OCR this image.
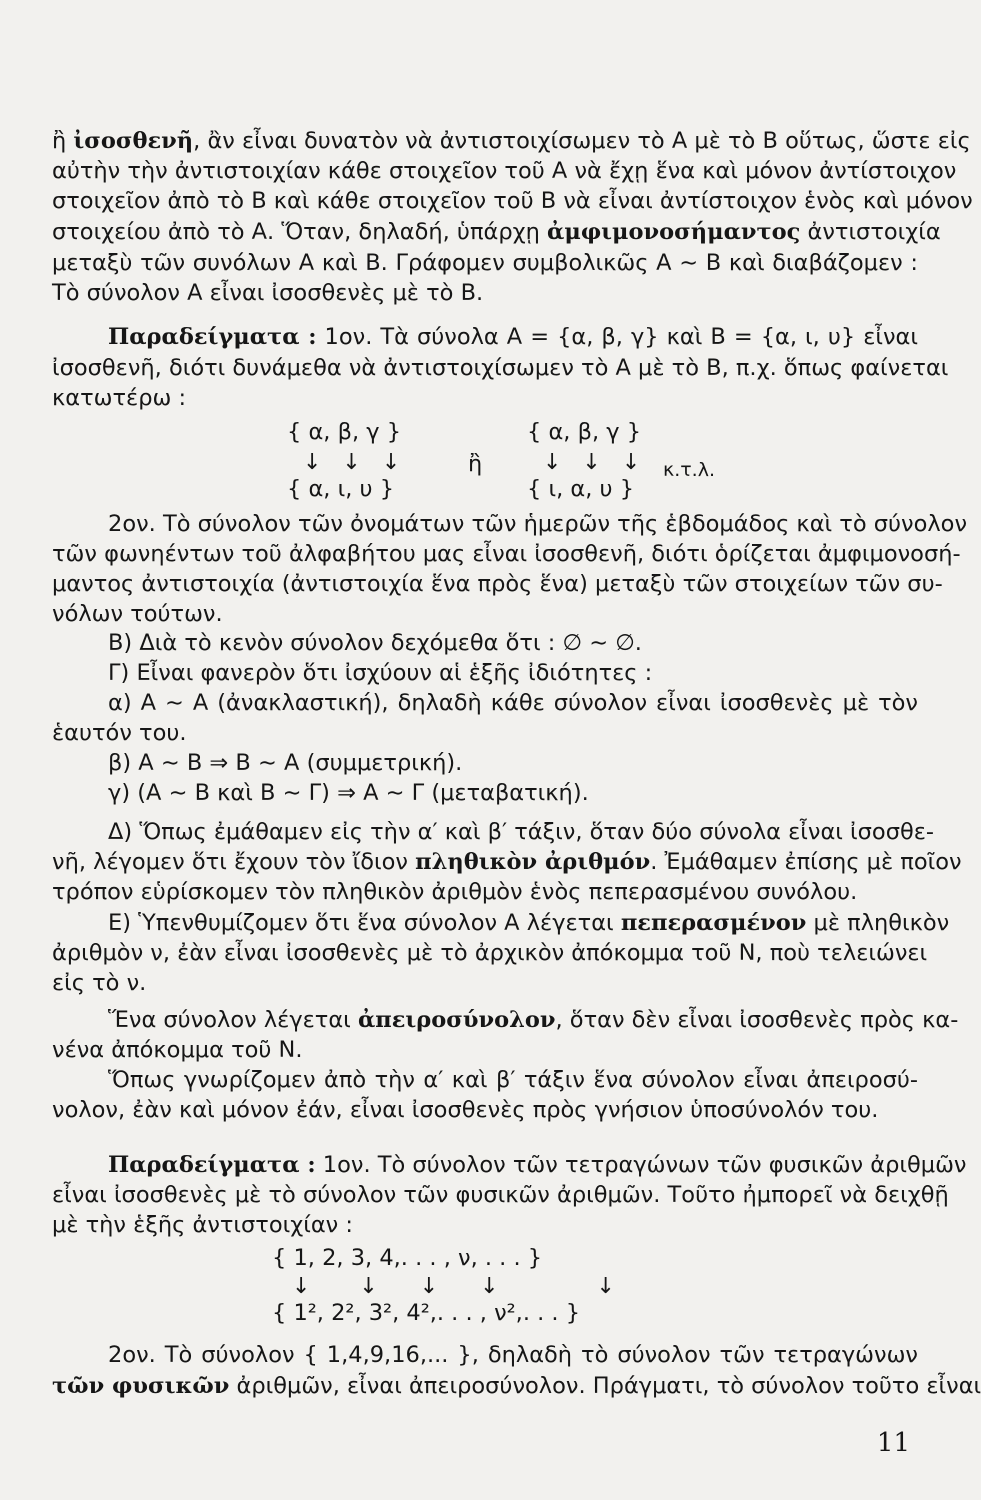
ἢ ἰσοσθενῆ, ἂν εἶναι δυνατὸν νὰ ἀντιστοιχίσωμεν τὸ Α μὲ τὸ Β οὕτως, ὥστε εἰς
αὐτὴν τὴν ἀντιστοιχίαν κάθε στοιχεῖον τοῦ Α νὰ ἔχῃ ἕνα καὶ μόνον ἀντίστοιχον
στοιχεῖον ἀπὸ τὸ Β καὶ κάθε στοιχεῖον τοῦ Β νὰ εἶναι ἀντίστοιχον ἑνὸς καὶ μόνον
στοιχείου ἀπὸ τὸ Α. Ὅταν, δηλαδή, ὑπάρχῃ ἀμφιμονοσήμαντος ἀντιστοιχία
μεταξὺ τῶν συνόλων Α καὶ Β. Γράφομεν συμβολικῶς Α ∼ Β καὶ διαβάζομεν :
Τὸ σύνολον Α εἶναι ἰσοσθενὲς μὲ τὸ Β.
Παραδείγματα : 1ον. Τὰ σύνολα Α = {α, β, γ} καὶ Β = {α, ι, υ} εἶναι
ἰσοσθενῆ, διότι δυνάμεθα νὰ ἀντιστοιχίσωμεν τὸ Α μὲ τὸ Β, π.χ. ὅπως φαίνεται
κατωτέρω :
{ α, β, γ }
↓   ↓   ↓
{ α, ι, υ }
ἢ
{ α, β, γ }
↓   ↓   ↓
{ ι, α, υ }
κ.τ.λ.
2ον. Τὸ σύνολον τῶν ὀνομάτων τῶν ἡμερῶν τῆς ἑβδομάδος καὶ τὸ σύνολον
τῶν φωνηέντων τοῦ ἀλφαβήτου μας εἶναι ἰσοσθενῆ, διότι ὁρίζεται ἀμφιμονοσή-
μαντος ἀντιστοιχία (ἀντιστοιχία ἕνα πρὸς ἕνα) μεταξὺ τῶν στοιχείων τῶν συ-
νόλων τούτων.
Β) Διὰ τὸ κενὸν σύνολον δεχόμεθα ὅτι : ∅ ∼ ∅.
Γ) Εἶναι φανερὸν ὅτι ἰσχύουν αἱ ἑξῆς ἰδιότητες :
α) Α ∼ Α (ἀνακλαστική), δηλαδὴ κάθε σύνολον εἶναι ἰσοσθενὲς μὲ τὸν
ἑαυτόν του.
β) Α ∼ Β ⇒ Β ∼ Α (συμμετρική).
γ) (Α ∼ Β καὶ Β ∼ Γ) ⇒ Α ∼ Γ (μεταβατική).
Δ) Ὅπως ἐμάθαμεν εἰς τὴν α′ καὶ β′ τάξιν, ὅταν δύο σύνολα εἶναι ἰσοσθε-
νῆ, λέγομεν ὅτι ἔχουν τὸν ἴδιον πληθικὸν ἀριθμόν. Ἐμάθαμεν ἐπίσης μὲ ποῖον
τρόπον εὑρίσκομεν τὸν πληθικὸν ἀριθμὸν ἑνὸς πεπερασμένου συνόλου.
Ε) Ὑπενθυμίζομεν ὅτι ἕνα σύνολον Α λέγεται πεπερασμένον μὲ πληθικὸν
ἀριθμὸν ν, ἐὰν εἶναι ἰσοσθενὲς μὲ τὸ ἀρχικὸν ἀπόκομμα τοῦ Ν, ποὺ τελειώνει
εἰς τὸ ν.
Ἕνα σύνολον λέγεται ἀπειροσύνολον, ὅταν δὲν εἶναι ἰσοσθενὲς πρὸς κα-
νένα ἀπόκομμα τοῦ Ν.
Ὅπως γνωρίζομεν ἀπὸ τὴν α′ καὶ β′ τάξιν ἕνα σύνολον εἶναι ἀπειροσύ-
νολον, ἐὰν καὶ μόνον ἐάν, εἶναι ἰσοσθενὲς πρὸς γνήσιον ὑποσύνολόν του.
Παραδείγματα : 1ον. Τὸ σύνολον τῶν τετραγώνων τῶν φυσικῶν ἀριθμῶν
εἶναι ἰσοσθενὲς μὲ τὸ σύνολον τῶν φυσικῶν ἀριθμῶν. Τοῦτο ἠμπορεῖ νὰ δειχθῇ
μὲ τὴν ἑξῆς ἀντιστοιχίαν :
{ 1, 2, 3, 4,. . . , ν, . . . }
↓       ↓      ↓      ↓              ↓
{ 1², 2², 3², 4²,. . . , ν²,. . . }
2ον. Τὸ σύνολον { 1,4,9,16,... }, δηλαδὴ τὸ σύνολον τῶν τετραγώνων
τῶν φυσικῶν ἀριθμῶν, εἶναι ἀπειροσύνολον. Πράγματι, τὸ σύνολον τοῦτο εἶναι
11
